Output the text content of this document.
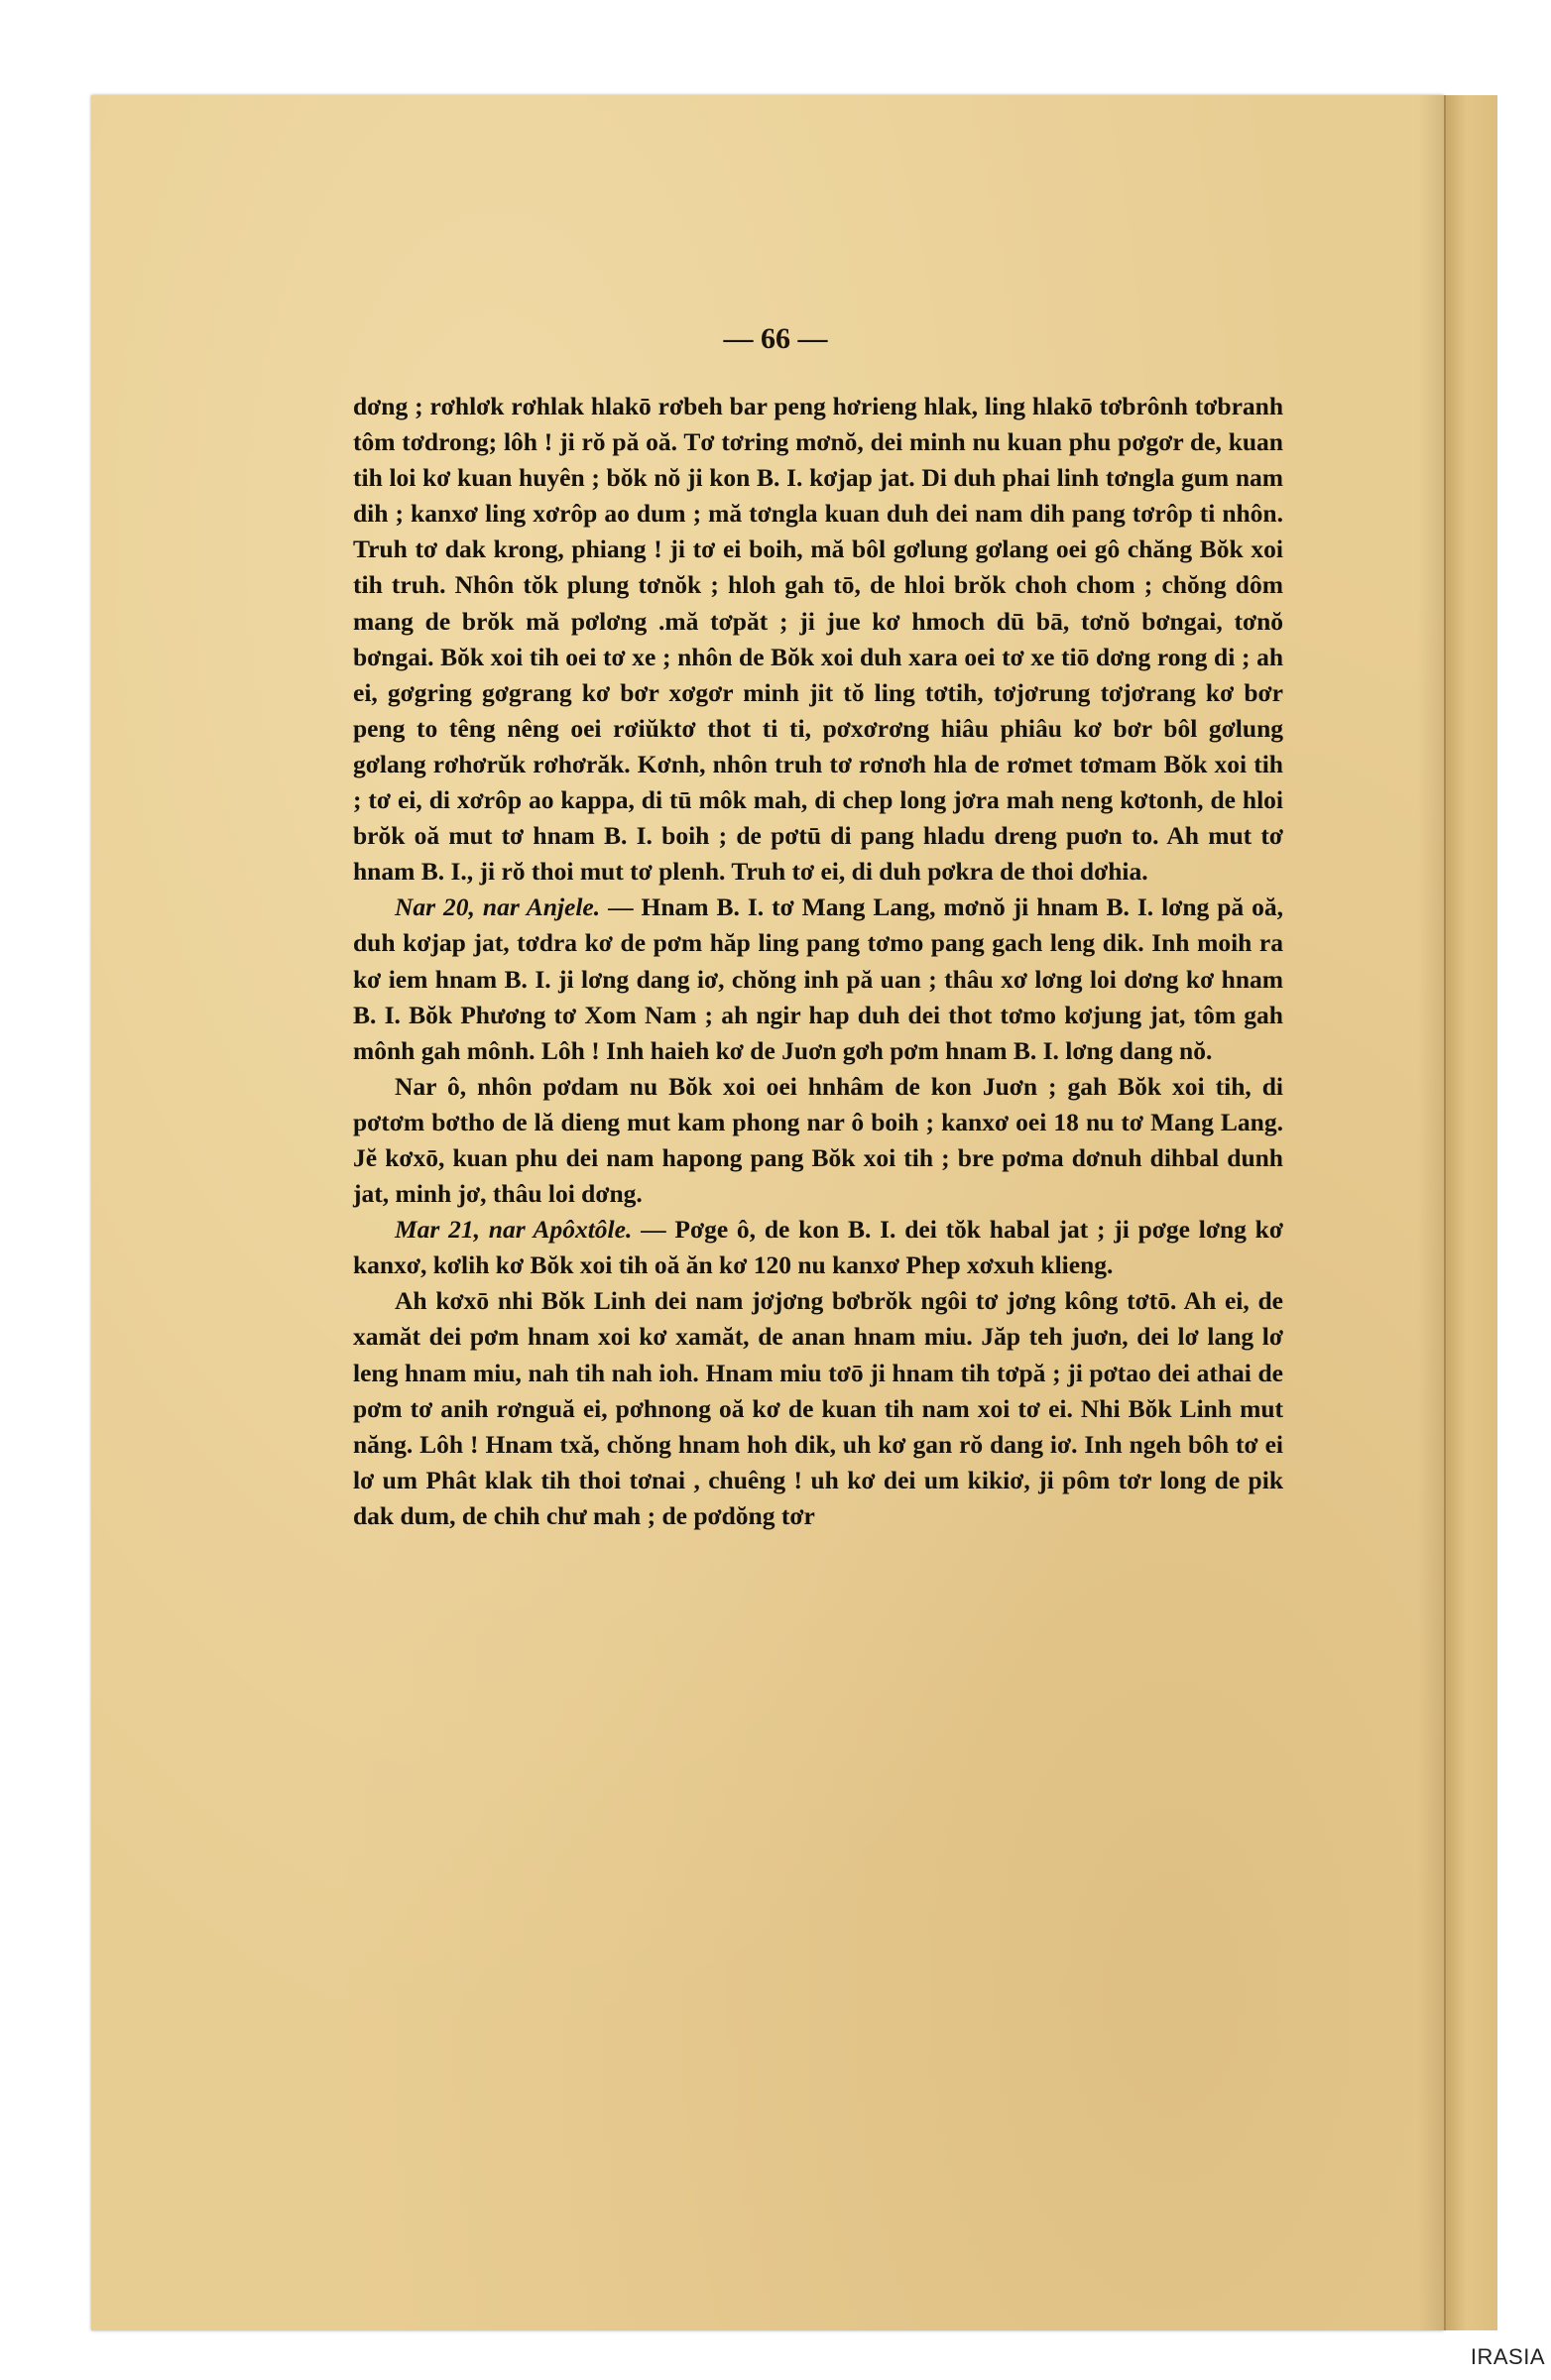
— 66 —

dơng ; rơhlơk rơhlak hlakō rơbeh bar peng hơrieng hlak, ling hlakō tơbrônh tơbranh tôm tơdrong; lôh ! ji rŏ pă oă. Tơ tơring mơnŏ, dei minh nu kuan phu pơgơr de, kuan tih loi kơ kuan huyên ; bŏk nŏ ji kon B. I. kơjap jat. Di duh phai linh tơngla gum nam dih ; kanxơ ling xơrôp ao dum ; mă tơngla kuan duh dei nam dih pang tơrôp ti nhôn. Truh tơ dak krong, phiang ! ji tơ ei boih, mă bôl gơlung gơlang oei gô chăng Bŏk xoi tih truh. Nhôn tŏk plung tơnŏk ; hloh gah tō, de hloi brŏk choh chom ; chŏng dôm mang de brŏk mă pơlơng .mă tơpăt ; ji jue kơ hmoch dū bā, tơnŏ bơngai, tơnŏ bơngai. Bŏk xoi tih oei tơ xe ; nhôn de Bŏk xoi duh xara oei tơ xe tiō dơng rong di ; ah ei, gơgring gơgrang kơ bơr xơgơr minh jit tŏ ling tơtih, tơjơrung tơjơrang kơ bơr peng to têng nêng oei rơiŭktơ thot ti ti, pơxơrơng hiâu phiâu kơ bơr bôl gơlung gơlang rơhơrŭk rơhơrăk. Kơnh, nhôn truh tơ rơnơh hla de rơmet tơmam Bŏk xoi tih ; tơ ei, di xơrôp ao kappa, di tū môk mah, di chep long jơra mah neng kơtonh, de hloi brŏk oă mut tơ hnam B. I. boih ; de pơtū di pang hladu dreng puơn to. Ah mut tơ hnam B. I., ji rŏ thoi mut tơ plenh. Truh tơ ei, di duh pơkra de thoi dơhia.

Nar 20, nar Anjele. — Hnam B. I. tơ Mang Lang, mơnŏ ji hnam B. I. lơng pă oă, duh kơjap jat, tơdra kơ de pơm hăp ling pang tơmo pang gach leng dik. Inh moih ra kơ iem hnam B. I. ji lơng dang iơ, chŏng inh pă uan ; thâu xơ lơng loi dơng kơ hnam B. I. Bŏk Phương tơ Xom Nam ; ah ngir hap duh dei thot tơmo kơjung jat, tôm gah mônh gah mônh. Lôh ! Inh haieh kơ de Juơn gơh pơm hnam B. I. lơng dang nŏ.

Nar ô, nhôn pơdam nu Bŏk xoi oei hnhâm de kon Juơn ; gah Bŏk xoi tih, di pơtơm bơtho de lă dieng mut kam phong nar ô boih ; kanxơ oei 18 nu tơ Mang Lang. Jĕ kơxō, kuan phu dei nam hapong pang Bŏk xoi tih ; bre pơma dơnuh dihbal dunh jat, minh jơ, thâu loi dơng.

Mar 21, nar Apôxtôle. — Pơge ô, de kon B. I. dei tŏk habal jat ; ji pơge lơng kơ kanxơ, kơlih kơ Bŏk xoi tih oă ăn kơ 120 nu kanxơ Phep xơxuh klieng.

Ah kơxō nhi Bŏk Linh dei nam jơjơng bơbrŏk ngôi tơ jơng kông tơtō. Ah ei, de xamăt dei pơm hnam xoi kơ xamăt, de anan hnam miu. Jăp teh juơn, dei lơ lang lơ leng hnam miu, nah tih nah ioh. Hnam miu tơō ji hnam tih tơpă ; ji pơtao dei athai de pơm tơ anih rơnguă ei, pơhnong oă kơ de kuan tih nam xoi tơ ei. Nhi Bŏk Linh mut năng. Lôh ! Hnam txă, chŏng hnam hoh dik, uh kơ gan rŏ dang iơ. Inh ngeh bôh tơ ei lơ um Phât klak tih thoi tơnai , chuêng ! uh kơ dei um kikiơ, ji pôm tơr long de pik dak dum, de chih chư mah ; de pơdŏng tơr

IRASIA
